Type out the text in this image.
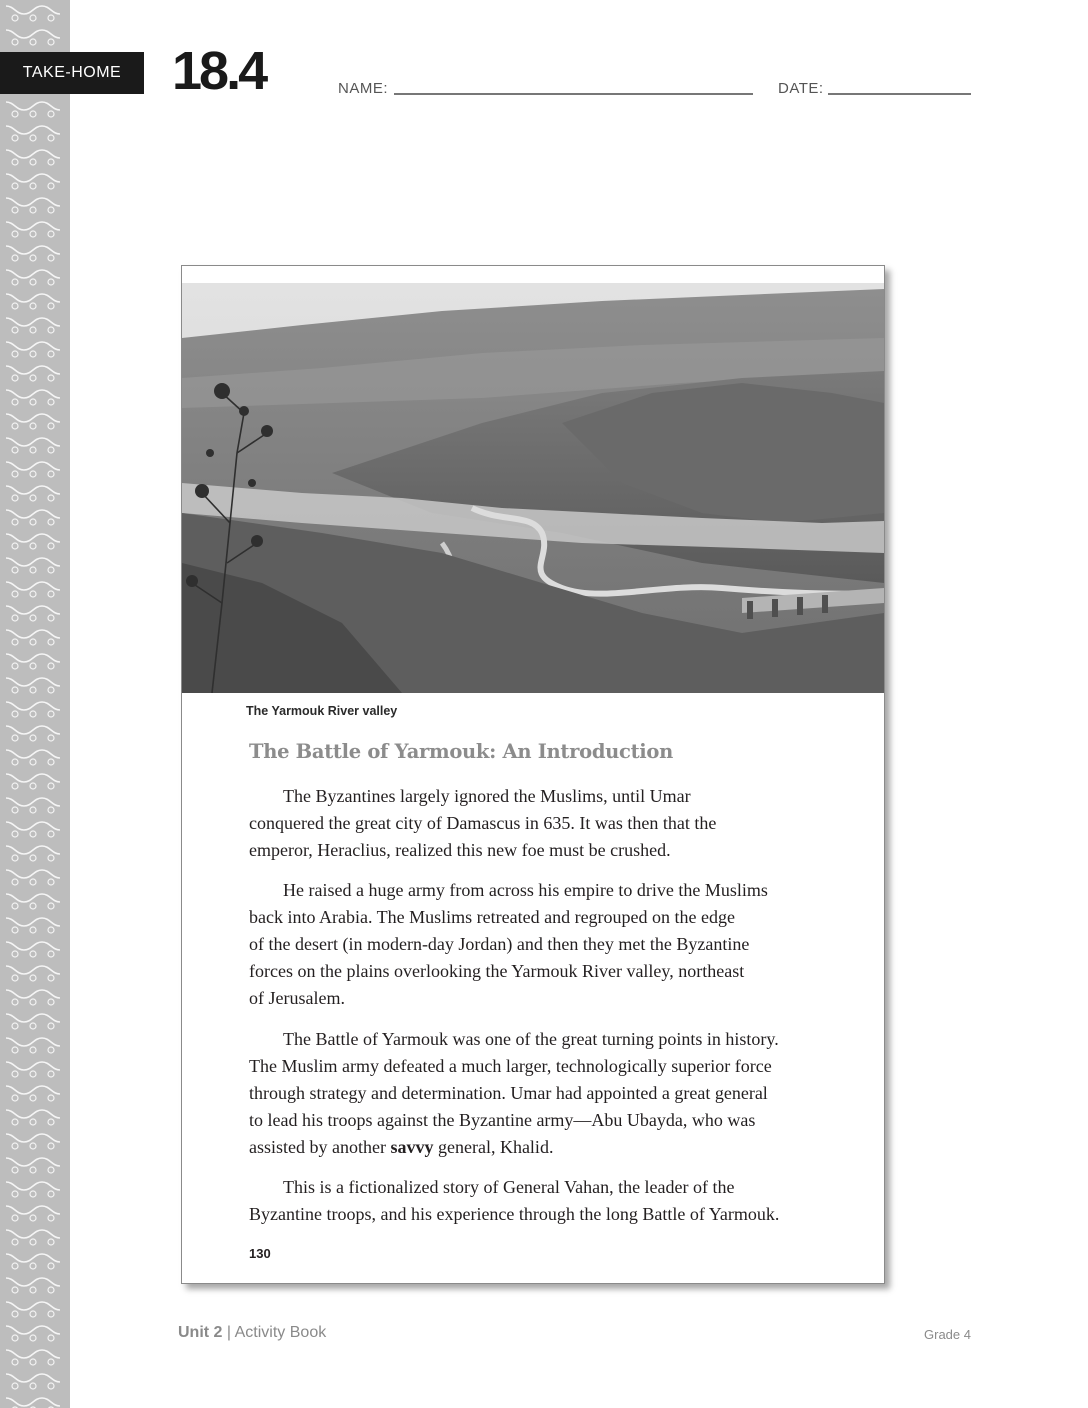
TAKE-HOME 18.4	NAME:	DATE:
The Yarmouk River valley
The Battle of Yarmouk: An Introduction
The Byzantines largely ignored the Muslims, until Umar
conquered the great city of Damascus in 635. It was then that the
emperor, Heraclius, realized this new foe must be crushed.
He raised a huge army from across his empire to drive the Muslims
back into Arabia. The Muslims retreated and regrouped on the edge
of the desert (in modern-day Jordan) and then they met the Byzantine
forces on the plains overlooking the Yarmouk River valley, northeast
of Jerusalem.
The Battle of Yarmouk was one of the great turning points in history.
The Muslim army defeated a much larger, technologically superior force
through strategy and determination. Umar had appointed a great general
to lead his troops against the Byzantine army—Abu Ubayda, who was
assisted by another savvy general, Khalid.
This is a fictionalized story of General Vahan, the leader of the
Byzantine troops, and his experience through the long Battle of Yarmouk.
130
Unit 2 | Activity Book	Grade 4
